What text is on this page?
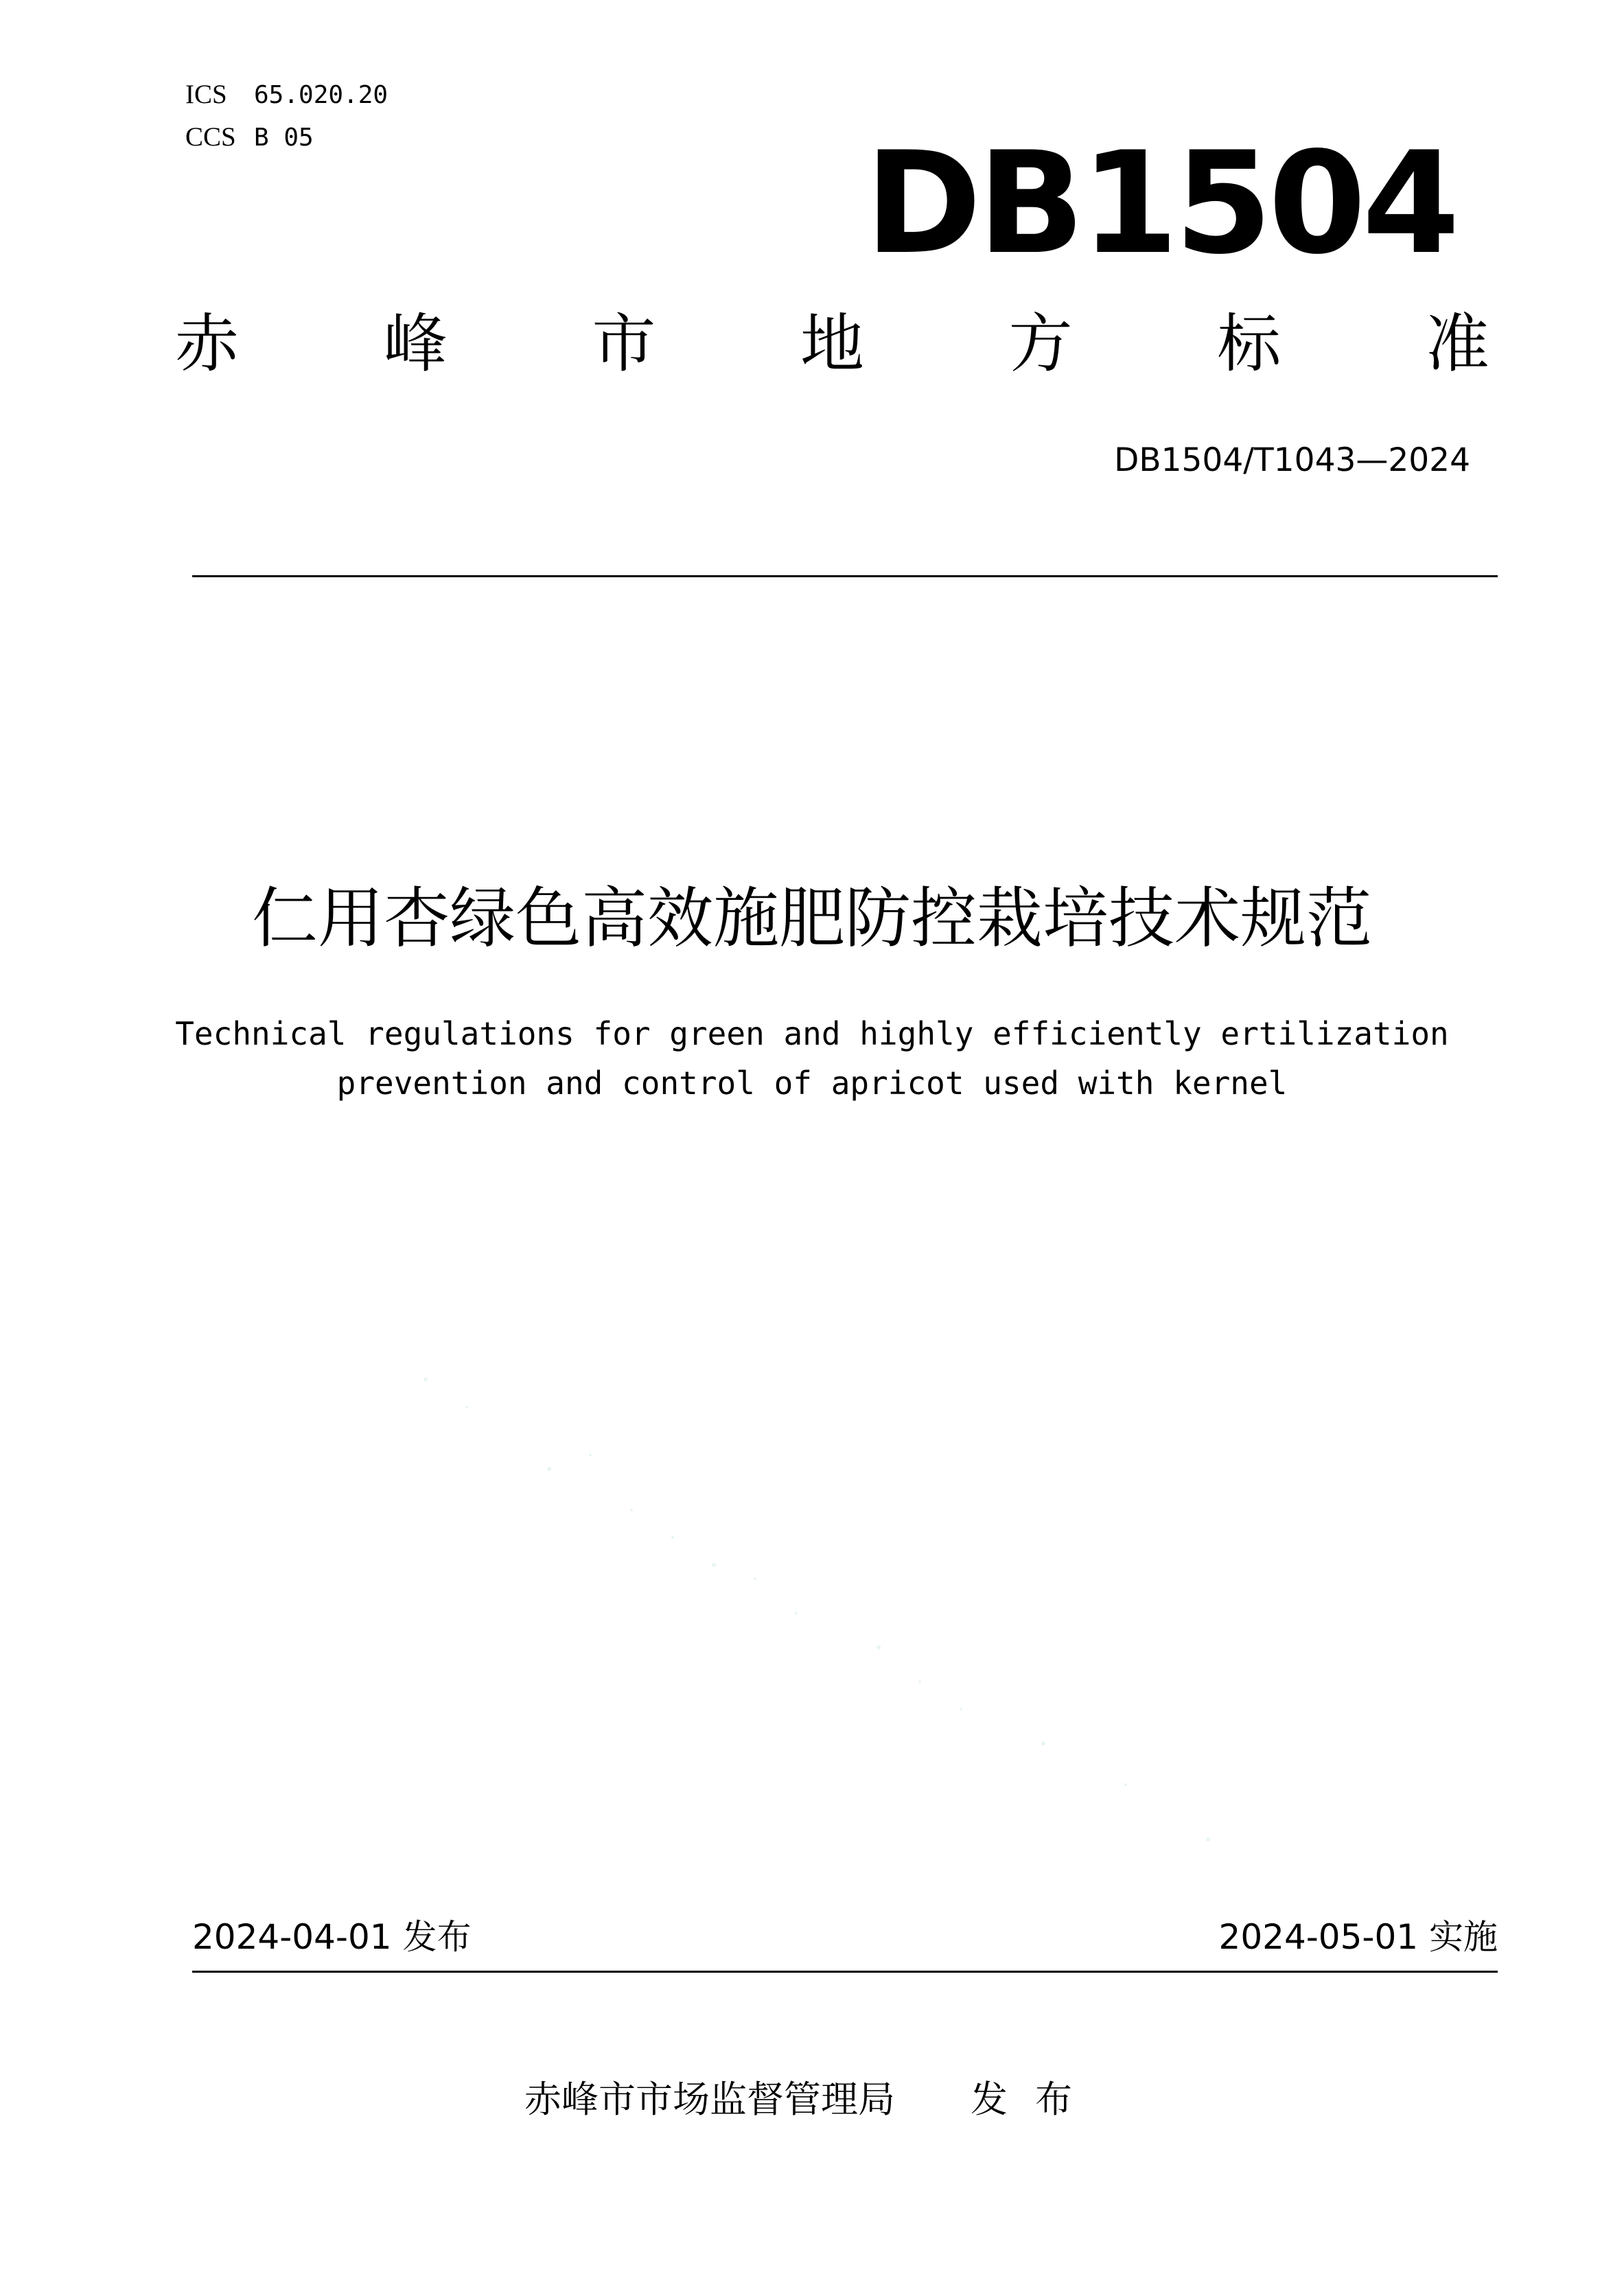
ICS 65.020.20
CCS B 05	DB1504
赤 峰 市 地 方 标 准
DB1504/T1043—2024
仁用杏绿色高效施肥防控栽培技术规范
Technical regulations for green and highly efficiently ertilization
prevention and control of apricot used with kernel
2024-04-01 发布	2024-05-01 实施
赤峰市市场监督管理局 发布
